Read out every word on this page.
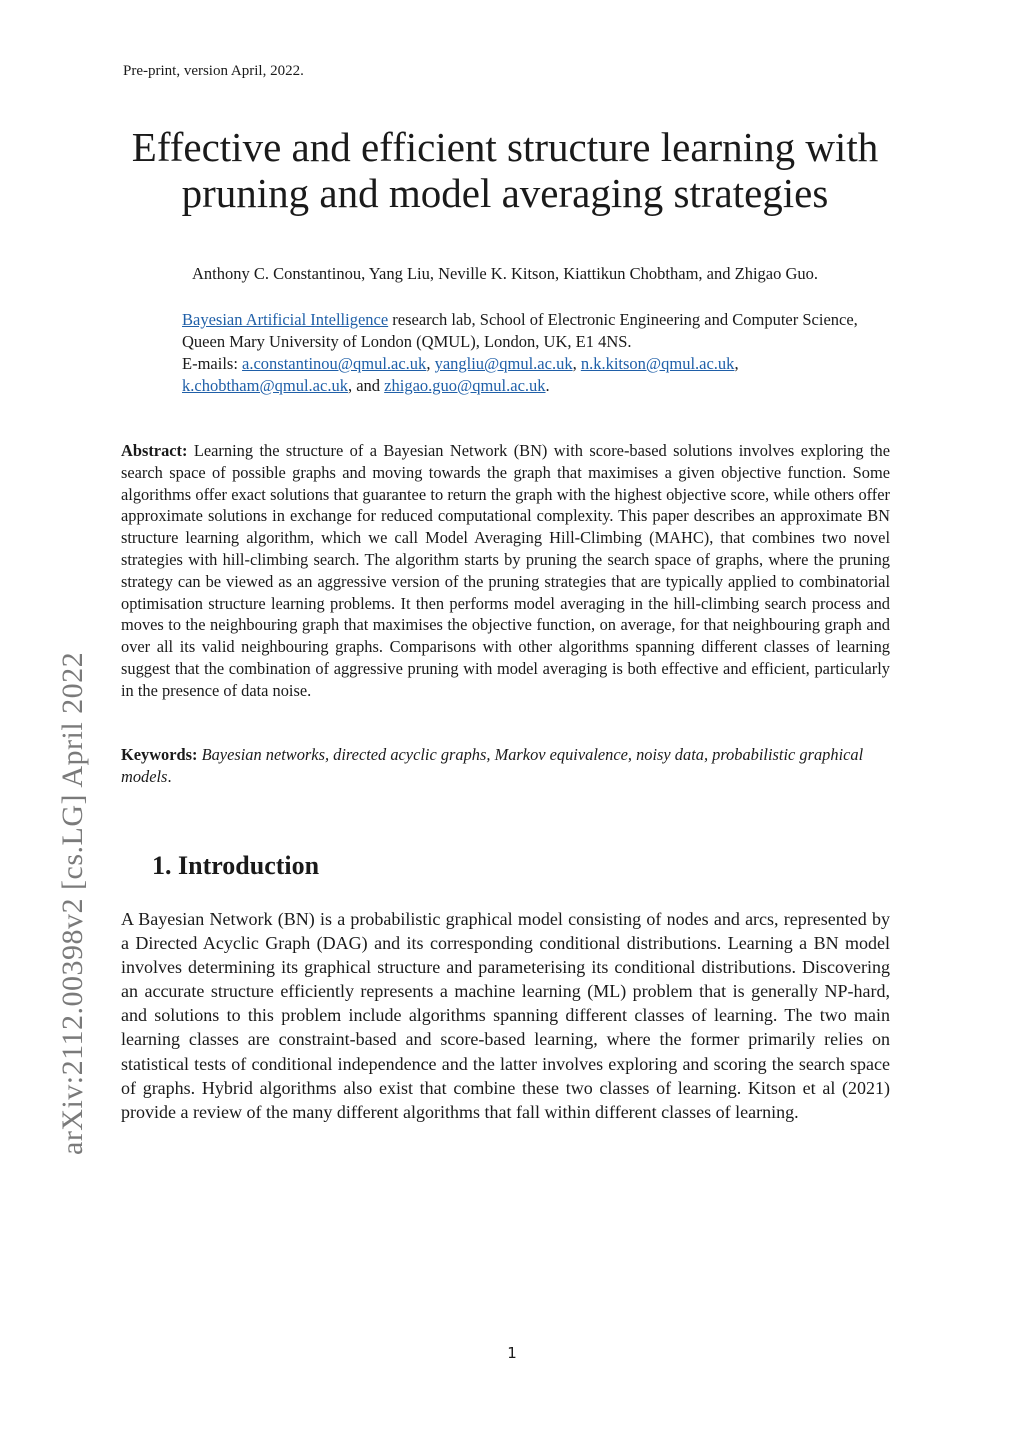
Pre-print, version April, 2022.
Effective and efficient structure learning with
pruning and model averaging strategies
Anthony C. Constantinou, Yang Liu, Neville K. Kitson, Kiattikun Chobtham, and Zhigao Guo.
Bayesian Artificial Intelligence research lab, School of Electronic Engineering and Computer Science, Queen Mary University of London (QMUL), London, UK, E1 4NS.
E-mails: a.constantinou@qmul.ac.uk, yangliu@qmul.ac.uk, n.k.kitson@qmul.ac.uk,
k.chobtham@qmul.ac.uk, and zhigao.guo@qmul.ac.uk.

Abstract: Learning the structure of a Bayesian Network (BN) with score-based solutions involves exploring the search space of possible graphs and moving towards the graph that maximises a given objective function. Some algorithms offer exact solutions that guarantee to return the graph with the highest objective score, while others offer approximate solutions in exchange for reduced computational complexity. This paper describes an approximate BN structure learning algorithm, which we call Model Averaging Hill-Climbing (MAHC), that combines two novel strategies with hill-climbing search. The algorithm starts by pruning the search space of graphs, where the pruning strategy can be viewed as an aggressive version of the pruning strategies that are typically applied to combinatorial optimisation structure learning problems. It then performs model averaging in the hill-climbing search process and moves to the neighbouring graph that maximises the objective function, on average, for that neighbouring graph and over all its valid neighbouring graphs. Comparisons with other algorithms spanning different classes of learning suggest that the combination of aggressive pruning with model averaging is both effective and efficient, particularly in the presence of data noise.

Keywords: Bayesian networks, directed acyclic graphs, Markov equivalence, noisy data, probabilistic graphical models.

1. Introduction

A Bayesian Network (BN) is a probabilistic graphical model consisting of nodes and arcs, represented by a Directed Acyclic Graph (DAG) and its corresponding conditional distributions. Learning a BN model involves determining its graphical structure and parameterising its conditional distributions. Discovering an accurate structure efficiently represents a machine learning (ML) problem that is generally NP-hard, and solutions to this problem include algorithms spanning different classes of learning. The two main learning classes are constraint-based and score-based learning, where the former primarily relies on statistical tests of conditional independence and the latter involves exploring and scoring the search space of graphs. Hybrid algorithms also exist that combine these two classes of learning. Kitson et al (2021) provide a review of the many different algorithms that fall within different classes of learning.

arXiv:2112.00398v2 [cs.LG] April 2022
1
